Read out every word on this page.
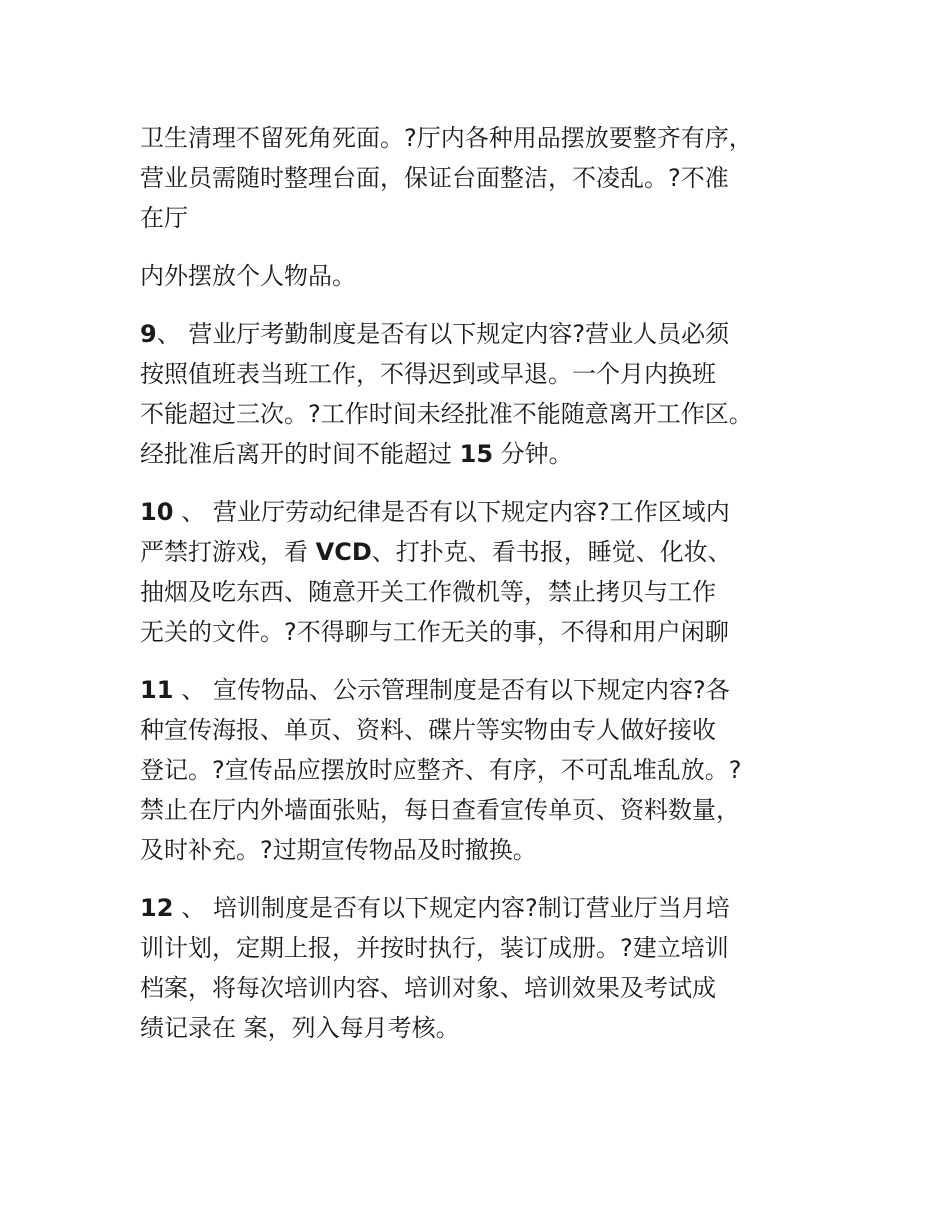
卫生清理不留死角死面。?厅内各种用品摆放要整齐有序，
营业员需随时整理台面，保证台面整洁，不凌乱。?不准
在厅

内外摆放个人物品。

9、 营业厅考勤制度是否有以下规定内容?营业人员必须
按照值班表当班工作，不得迟到或早退。一个月内换班
不能超过三次。?工作时间未经批准不能随意离开工作区。
经批准后离开的时间不能超过 15 分钟。

10 、 营业厅劳动纪律是否有以下规定内容?工作区域内
严禁打游戏，看 VCD、打扑克、看书报，睡觉、化妆、
抽烟及吃东西、随意开关工作微机等，禁止拷贝与工作
无关的文件。?不得聊与工作无关的事，不得和用户闲聊

11 、 宣传物品、公示管理制度是否有以下规定内容?各
种宣传海报、单页、资料、碟片等实物由专人做好接收
登记。?宣传品应摆放时应整齐、有序，不可乱堆乱放。?
禁止在厅内外墙面张贴，每日查看宣传单页、资料数量，
及时补充。?过期宣传物品及时撤换。

12 、 培训制度是否有以下规定内容?制订营业厅当月培
训计划，定期上报，并按时执行，装订成册。?建立培训
档案，将每次培训内容、培训对象、培训效果及考试成
绩记录在 案，列入每月考核。
